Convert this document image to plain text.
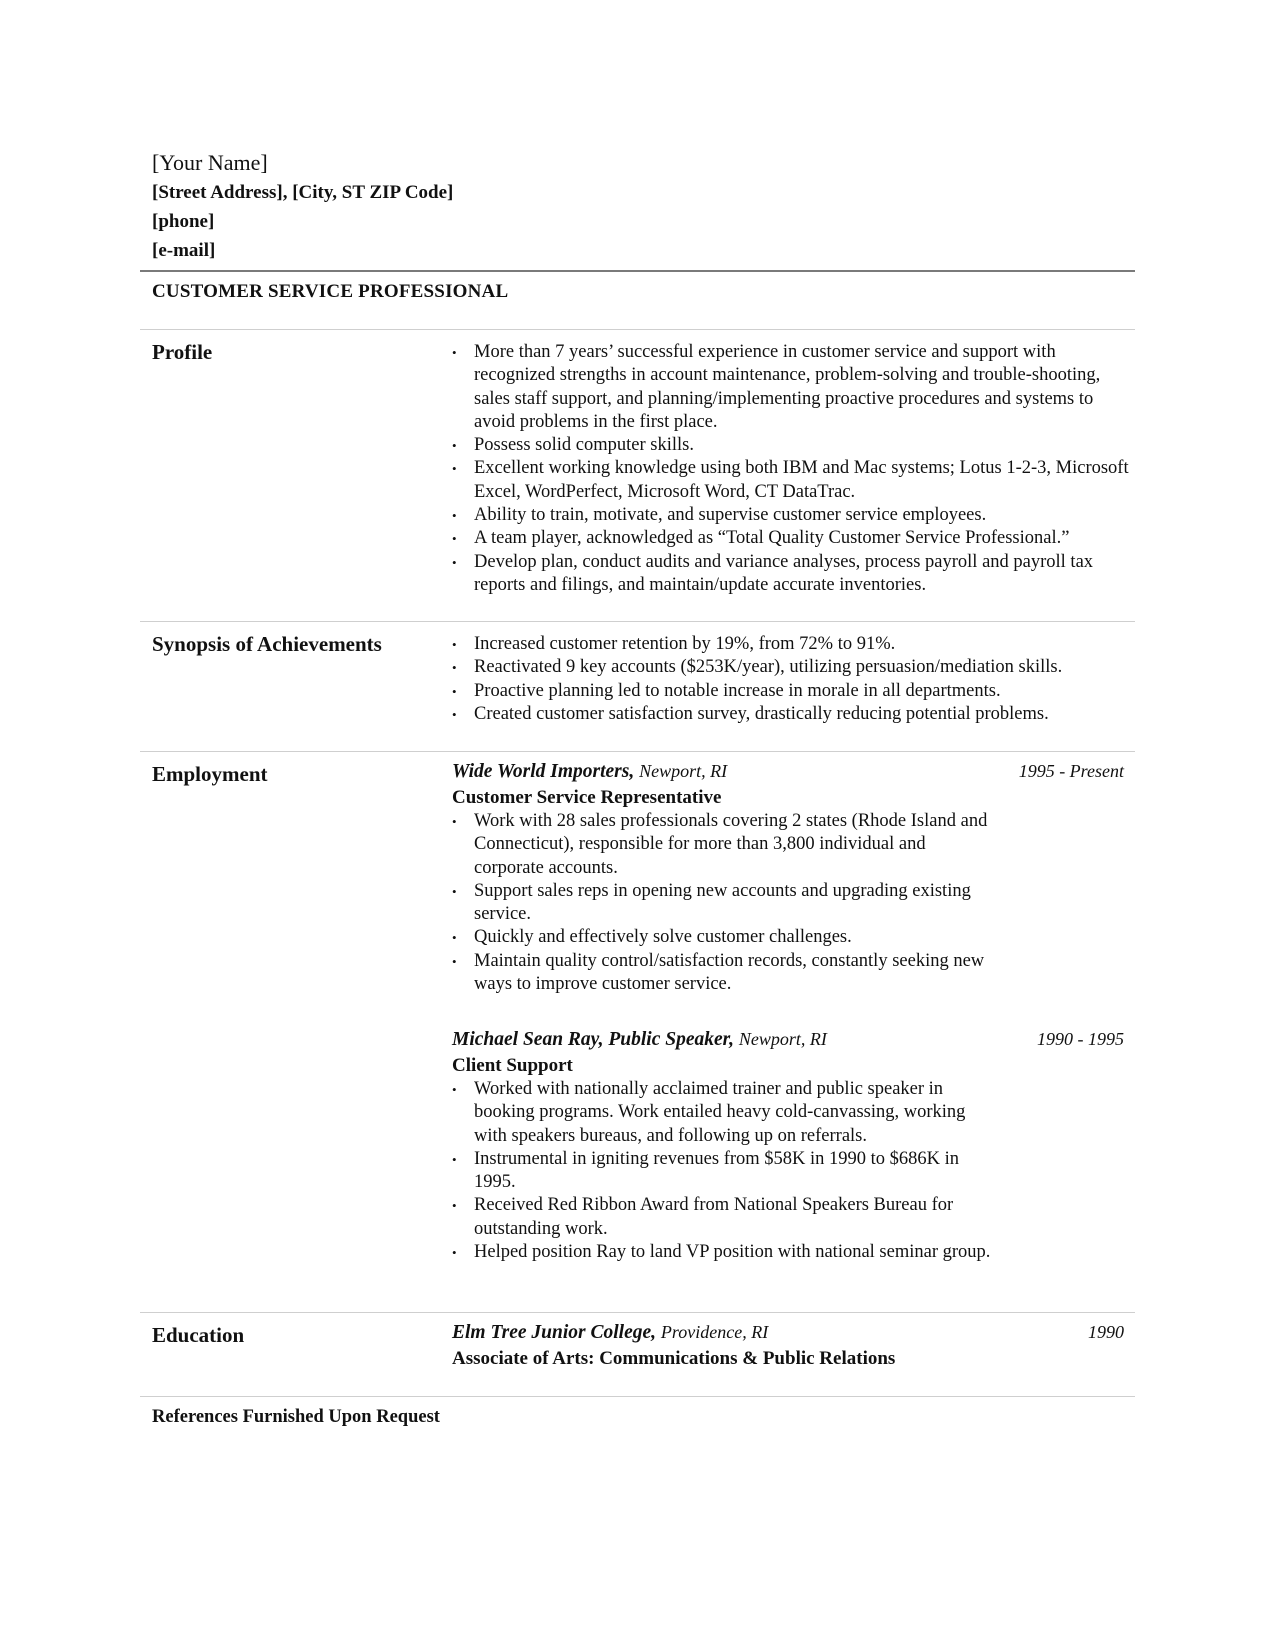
[Your Name]
[Street Address], [City, ST ZIP Code]
[phone]
[e-mail]
CUSTOMER SERVICE PROFESSIONAL
Profile	• More than 7 years’ successful experience in customer service and support with recognized strengths in account maintenance, problem-solving and trouble-shooting, sales staff support, and planning/implementing proactive procedures and systems to avoid problems in the first place.
• Possess solid computer skills.
• Excellent working knowledge using both IBM and Mac systems; Lotus 1-2-3, Microsoft Excel, WordPerfect, Microsoft Word, CT DataTrac.
• Ability to train, motivate, and supervise customer service employees.
• A team player, acknowledged as “Total Quality Customer Service Professional.”
• Develop plan, conduct audits and variance analyses, process payroll and payroll tax reports and filings, and maintain/update accurate inventories.
Synopsis of Achievements	• Increased customer retention by 19%, from 72% to 91%.
• Reactivated 9 key accounts ($253K/year), utilizing persuasion/mediation skills.
• Proactive planning led to notable increase in morale in all departments.
• Created customer satisfaction survey, drastically reducing potential problems.
Employment	Wide World Importers, Newport, RI	1995 - Present
Customer Service Representative
• Work with 28 sales professionals covering 2 states (Rhode Island and Connecticut), responsible for more than 3,800 individual and corporate accounts.
• Support sales reps in opening new accounts and upgrading existing service.
• Quickly and effectively solve customer challenges.
• Maintain quality control/satisfaction records, constantly seeking new ways to improve customer service.
Michael Sean Ray, Public Speaker, Newport, RI	1990 - 1995
Client Support
• Worked with nationally acclaimed trainer and public speaker in booking programs. Work entailed heavy cold-canvassing, working with speakers bureaus, and following up on referrals.
• Instrumental in igniting revenues from $58K in 1990 to $686K in 1995.
• Received Red Ribbon Award from National Speakers Bureau for outstanding work.
• Helped position Ray to land VP position with national seminar group.
Education	Elm Tree Junior College, Providence, RI	1990
Associate of Arts: Communications & Public Relations
References Furnished Upon Request
